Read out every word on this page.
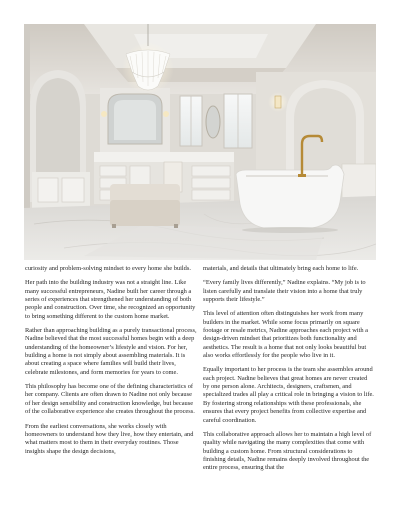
curiosity and problem-solving mindset to every home she builds.

Her path into the building industry was not a straight line. Like many successful entrepreneurs, Nadine built her career through a series of experiences that strengthened her understanding of both people and construction. Over time, she recognized an opportunity to bring something different to the custom home market.

Rather than approaching building as a purely transactional process, Nadine believed that the most successful homes begin with a deep understanding of the homeowner’s lifestyle and vision. For her, building a home is not simply about assembling materials. It is about creating a space where families will build their lives, celebrate milestones, and form memories for years to come.

This philosophy has become one of the defining characteristics of her company. Clients are often drawn to Nadine not only because of her design sensibility and construction knowledge, but because of the collaborative experience she creates throughout the process.

From the earliest conversations, she works closely with homeowners to understand how they live, how they entertain, and what matters most to them in their everyday routines. Those insights shape the design decisions,

materials, and details that ultimately bring each home to life.

“Every family lives differently,” Nadine explains. “My job is to listen carefully and translate their vision into a home that truly supports their lifestyle.”

This level of attention often distinguishes her work from many builders in the market. While some focus primarily on square footage or resale metrics, Nadine approaches each project with a design-driven mindset that prioritizes both functionality and aesthetics. The result is a home that not only looks beautiful but also works effortlessly for the people who live in it.

Equally important to her process is the team she assembles around each project. Nadine believes that great homes are never created by one person alone. Architects, designers, craftsmen, and specialized trades all play a critical role in bringing a vision to life. By fostering strong relationships with these professionals, she ensures that every project benefits from collective expertise and careful coordination.

This collaborative approach allows her to maintain a high level of quality while navigating the many complexities that come with building a custom home. From structural considerations to finishing details, Nadine remains deeply involved throughout the entire process, ensuring that the
